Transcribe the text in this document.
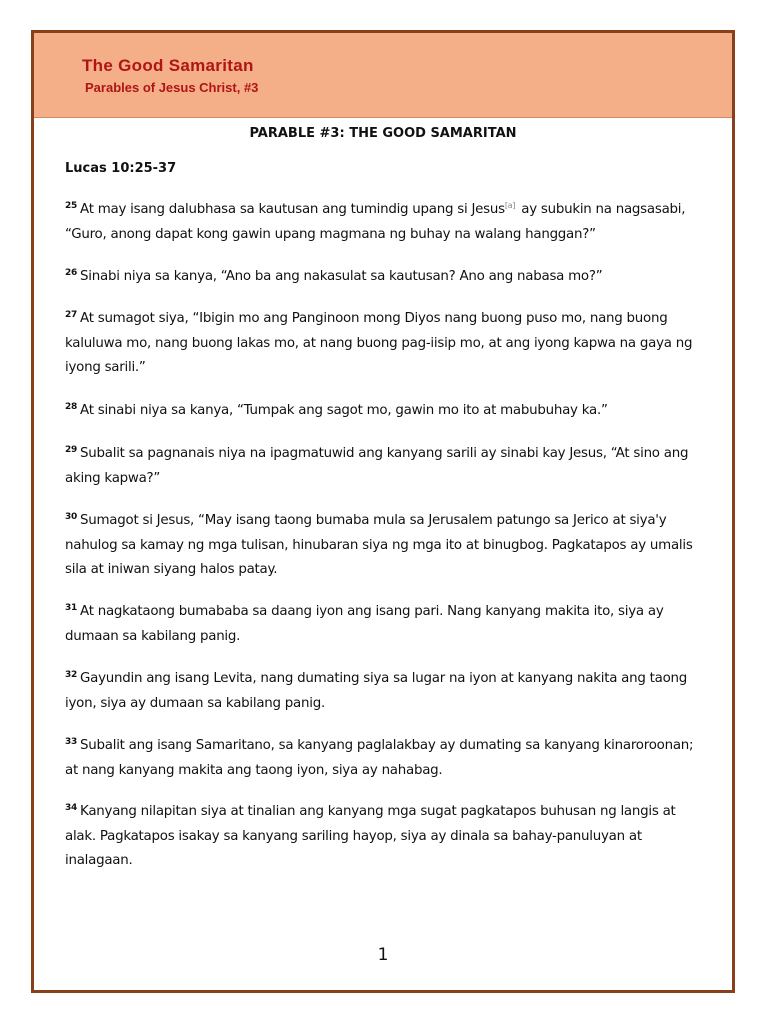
The Good Samaritan
Parables of Jesus Christ, #3
PARABLE #3: THE GOOD SAMARITAN
Lucas 10:25-37
$^{25}$ At may isang dalubhasa sa kautusan ang tumindig upang si Jesus[a] ay subukin na nagsasabi, “Guro, anong dapat kong gawin upang magmana ng buhay na walang hanggan?”
$^{26}$ Sinabi niya sa kanya, “Ano ba ang nakasulat sa kautusan? Ano ang nabasa mo?”
$^{27}$ At sumagot siya, “Ibigin mo ang Panginoon mong Diyos nang buong puso mo, nang buong kaluluwa mo, nang buong lakas mo, at nang buong pag-iisip mo, at ang iyong kapwa na gaya ng iyong sarili.”
$^{28}$ At sinabi niya sa kanya, “Tumpak ang sagot mo, gawin mo ito at mabubuhay ka.”
$^{29}$ Subalit sa pagnanais niya na ipagmatuwid ang kanyang sarili ay sinabi kay Jesus, “At sino ang aking kapwa?”
$^{30}$ Sumagot si Jesus, “May isang taong bumaba mula sa Jerusalem patungo sa Jerico at siya'y nahulog sa kamay ng mga tulisan, hinubaran siya ng mga ito at binugbog. Pagkatapos ay umalis sila at iniwan siyang halos patay.
$^{31}$ At nagkataong bumababa sa daang iyon ang isang pari. Nang kanyang makita ito, siya ay dumaan sa kabilang panig.
$^{32}$ Gayundin ang isang Levita, nang dumating siya sa lugar na iyon at kanyang nakita ang taong iyon, siya ay dumaan sa kabilang panig.
$^{33}$ Subalit ang isang Samaritano, sa kanyang paglalakbay ay dumating sa kanyang kinaroroonan; at nang kanyang makita ang taong iyon, siya ay nahabag.
$^{34}$ Kanyang nilapitan siya at tinalian ang kanyang mga sugat pagkatapos buhusan ng langis at alak. Pagkatapos isakay sa kanyang sariling hayop, siya ay dinala sa bahay-panuluyan at inalagaan.
1
